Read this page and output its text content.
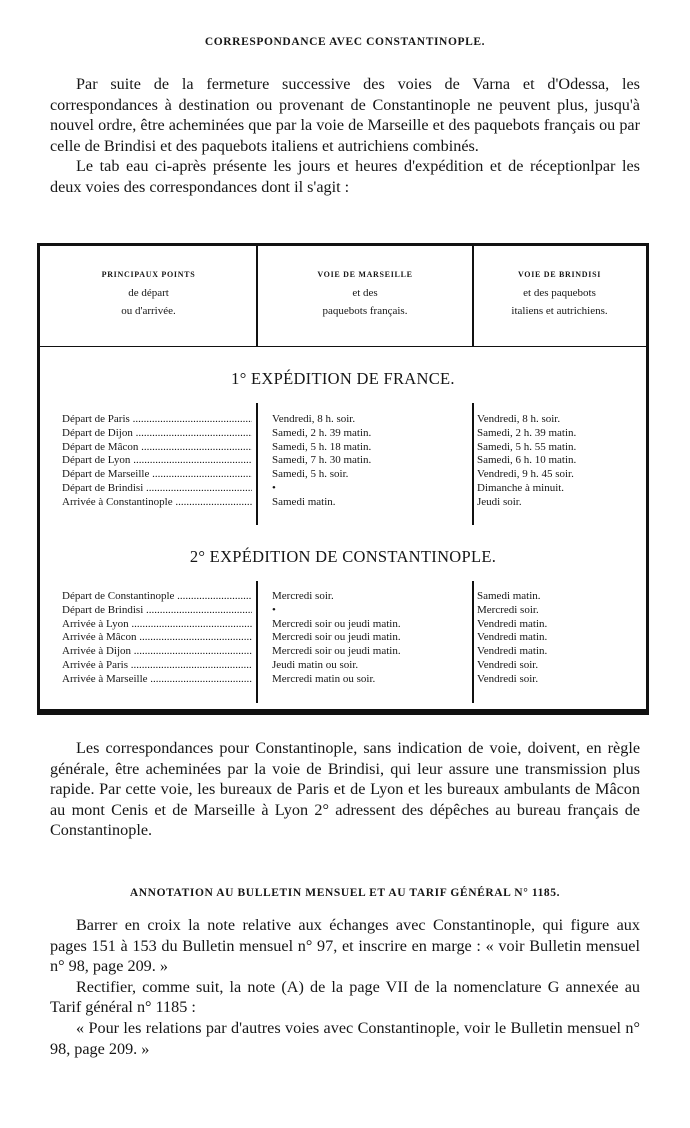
CORRESPONDANCE AVEC CONSTANTINOPLE.

Par suite de la fermeture successive des voies de Varna et d'Odessa, les correspondances à destination ou provenant de Constantinople ne peuvent plus, jusqu'à nouvel ordre, être acheminées que par la voie de Marseille et des paquebots français ou par celle de Brindisi et des paquebots italiens et autrichiens combinés.

Le tab eau ci-après présente les jours et heures d'expédition et de réceptionlpar les deux voies des correspondances dont il s'agit :

PRINCIPAUX POINTS
de départ
ou d'arrivée.
VOIE DE MARSEILLE
et des
paquebots français.
VOIE DE BRINDISI
et des paquebots
italiens et autrichiens.
1° EXPÉDITION DE FRANCE.
Départ de Paris .....	Vendredi, 8 h. soir.	Vendredi, 8 h. soir.
Départ de Dijon .....	Samedi, 2 h. 39 matin.	Samedi, 2 h. 39 matin.
Départ de Mâcon .....	Samedi, 5 h. 18 matin.	Samedi, 5 h. 55 matin.
Départ de Lyon .....	Samedi, 7 h. 30 matin.	Samedi, 6 h. 10 matin.
Départ de Marseille .....	Samedi, 5 h. soir.	Vendredi, 9 h. 45 soir.
Départ de Brindisi .....	•	Dimanche à minuit.
Arrivée à Constantinople .....	Samedi matin.	Jeudi soir.
2° EXPÉDITION DE CONSTANTINOPLE.
Départ de Constantinople .....	Mercredi soir.	Samedi matin.
Départ de Brindisi .....	•	Mercredi soir.
Arrivée à Lyon .....	Mercredi soir ou jeudi matin.	Vendredi matin.
Arrivée à Mâcon .....	Mercredi soir ou jeudi matin.	Vendredi matin.
Arrivée à Dijon .....	Mercredi soir ou jeudi matin.	Vendredi matin.
Arrivée à Paris .....	Jeudi matin ou soir.	Vendredi soir.
Arrivée à Marseille .....	Mercredi matin ou soir.	Vendredi soir.

Les correspondances pour Constantinople, sans indication de voie, doivent, en règle générale, être acheminées par la voie de Brindisi, qui leur assure une transmission plus rapide. Par cette voie, les bureaux de Paris et de Lyon et les bureaux ambulants de Mâcon au mont Cenis et de Marseille à Lyon 2° adressent des dépêches au bureau français de Constantinople.

ANNOTATION AU BULLETIN MENSUEL ET AU TARIF GÉNÉRAL N° 1185.

Barrer en croix la note relative aux échanges avec Constantinople, qui figure aux pages 151 à 153 du Bulletin mensuel n° 97, et inscrire en marge : « voir Bulletin mensuel n° 98, page 209. »

Rectifier, comme suit, la note (A) de la page VII de la nomenclature G annexée au Tarif général n° 1185 :

« Pour les relations par d'autres voies avec Constantinople, voir le Bulletin mensuel n° 98, page 209. »
